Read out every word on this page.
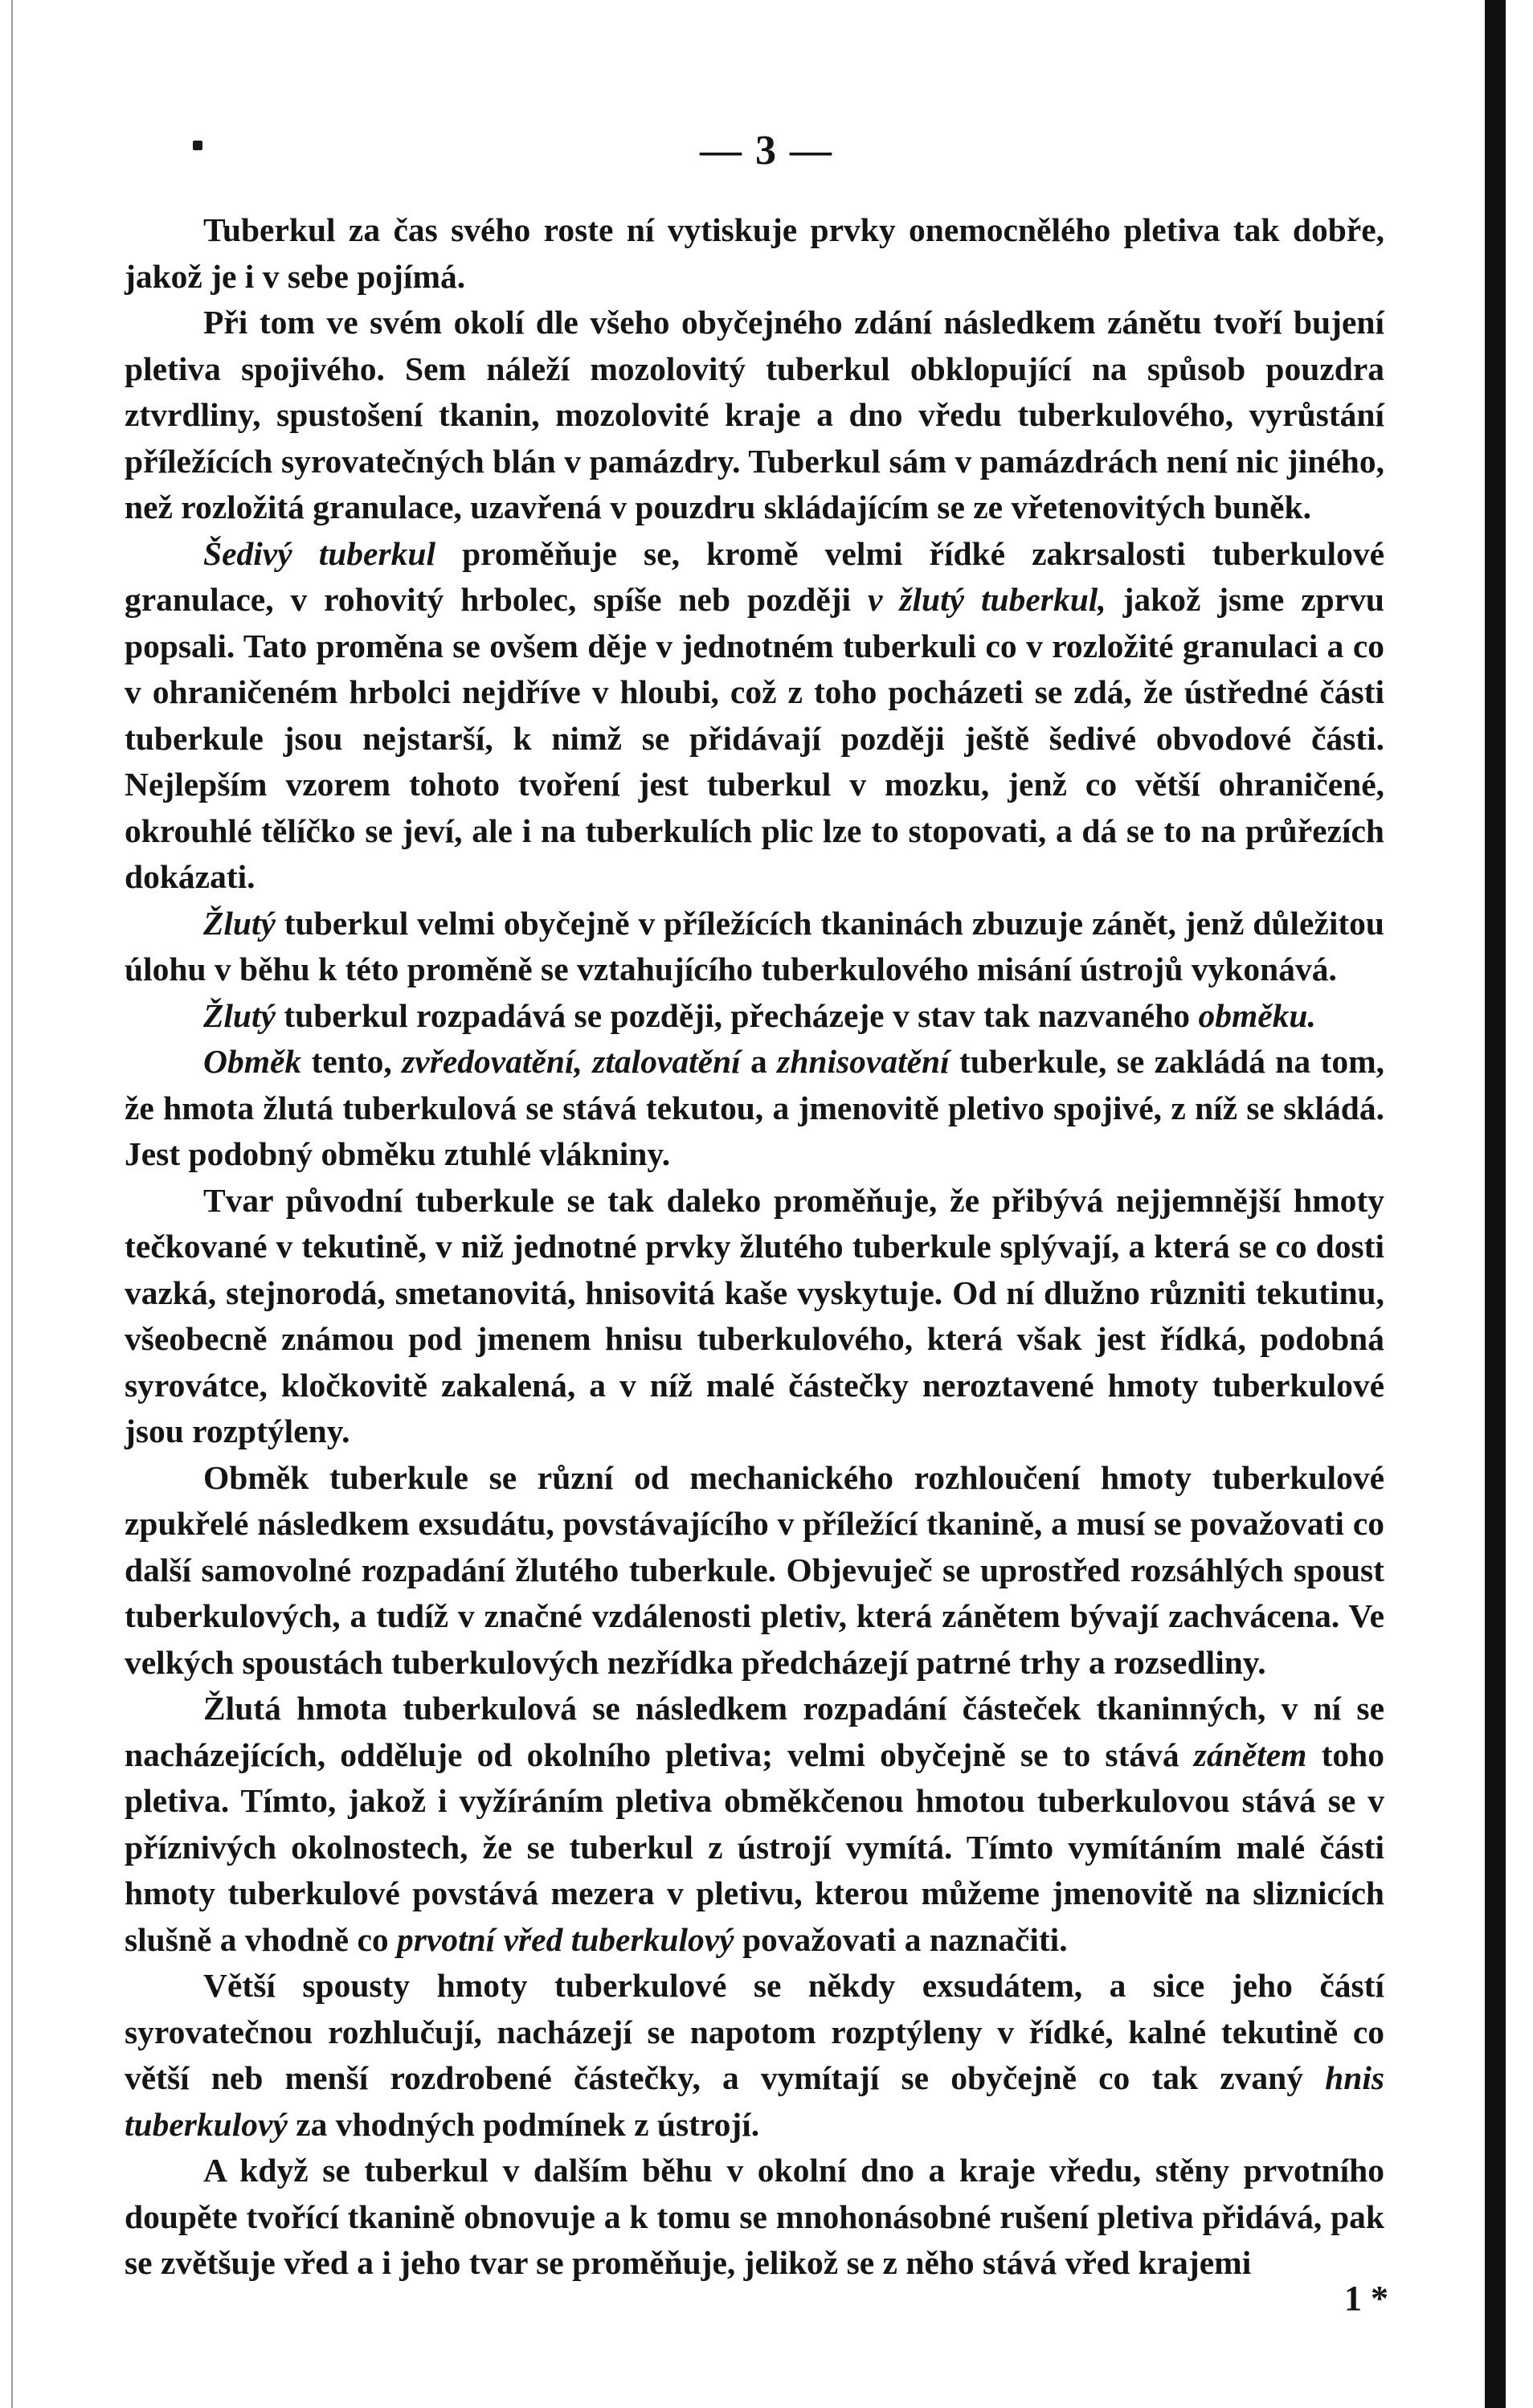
— 3 —

Tuberkul za čas svého roste ní vytiskuje prvky onemocnělého pletiva tak dobře, jakož je i v sebe pojímá.

Při tom ve svém okolí dle všeho obyčejného zdání následkem zánětu tvoří bujení pletiva spojivého. Sem náleží mozolovitý tuberkul obklopující na spůsob pouzdra ztvrdliny, spustošení tkanin, mozolovité kraje a dno vředu tuberkulového, vyrůstání příležících syrovatečných blán v pamázdry. Tuberkul sám v pamázdrách není nic jiného, než rozložitá granulace, uzavřená v pouzdru skládajícím se ze vřetenovitých buněk.

Šedivý tuberkul proměňuje se, kromě velmi řídké zakrsalosti tuberkulové granulace, v rohovitý hrbolec, spíše neb později v žlutý tuberkul, jakož jsme zprvu popsali. Tato proměna se ovšem děje v jednotném tuberkuli co v rozložité granulaci a co v ohraničeném hrbolci nejdříve v hloubi, což z toho pocházeti se zdá, že ústředné části tuberkule jsou nejstarší, k nimž se přidávají později ještě šedivé obvodové části. Nejlepším vzorem tohoto tvoření jest tuberkul v mozku, jenž co větší ohraničené, okrouhlé tělíčko se jeví, ale i na tuberkulích plic lze to stopovati, a dá se to na průřezích dokázati.

Žlutý tuberkul velmi obyčejně v příležících tkaninách zbuzuje zánět, jenž důležitou úlohu v běhu k této proměně se vztahujícího tuberkulového misání ústrojů vykonává.

Žlutý tuberkul rozpadává se později, přecházeje v stav tak nazvaného obměku.

Obměk tento, zvředovatění, ztalovatění a zhnisovatění tuberkule, se zakládá na tom, že hmota žlutá tuberkulová se stává tekutou, a jmenovitě pletivo spojivé, z níž se skládá. Jest podobný obměku ztuhlé vlákniny.

Tvar původní tuberkule se tak daleko proměňuje, že přibývá nejjemnější hmoty tečkované v tekutině, v niž jednotné prvky žlutého tuberkule splývají, a která se co dosti vazká, stejnorodá, smetanovitá, hnisovitá kaše vyskytuje. Od ní dlužno různiti tekutinu, všeobecně známou pod jmenem hnisu tuberkulového, která však jest řídká, podobná syrovátce, kločkovitě zakalená, a v níž malé částečky neroztavené hmoty tuberkulové jsou rozptýleny.

Obměk tuberkule se různí od mechanického rozhloučení hmoty tuberkulové zpukřelé následkem exsudátu, povstávajícího v příležící tkanině, a musí se považovati co další samovolné rozpadání žlutého tuberkule. Objevuječ se uprostřed rozsáhlých spoust tuberkulových, a tudíž v značné vzdálenosti pletiv, která zánětem bývají zachvácena. Ve velkých spoustách tuberkulových nezřídka předcházejí patrné trhy a rozsedliny.

Žlutá hmota tuberkulová se následkem rozpadání částeček tkaninných, v ní se nacházejících, odděluje od okolního pletiva; velmi obyčejně se to stává zánětem toho pletiva. Tímto, jakož i vyžíráním pletiva obměkčenou hmotou tuberkulovou stává se v příznivých okolnostech, že se tuberkul z ústrojí vymítá. Tímto vymítáním malé části hmoty tuberkulové povstává mezera v pletivu, kterou můžeme jmenovitě na sliznicích slušně a vhodně co prvotní vřed tuberkulový považovati a naznačiti.

Větší spousty hmoty tuberkulové se někdy exsudátem, a sice jeho částí syrovatečnou rozhlučují, nacházejí se napotom rozptýleny v řídké, kalné tekutině co větší neb menší rozdrobené částečky, a vymítají se obyčejně co tak zvaný hnis tuberkulový za vhodných podmínek z ústrojí.

A když se tuberkul v dalším běhu v okolní dno a kraje vředu, stěny prvotního doupěte tvořící tkanině obnovuje a k tomu se mnohonásobné rušení pletiva přidává, pak se zvětšuje vřed a i jeho tvar se proměňuje, jelikož se z něho stává vřed krajemi

1 *
